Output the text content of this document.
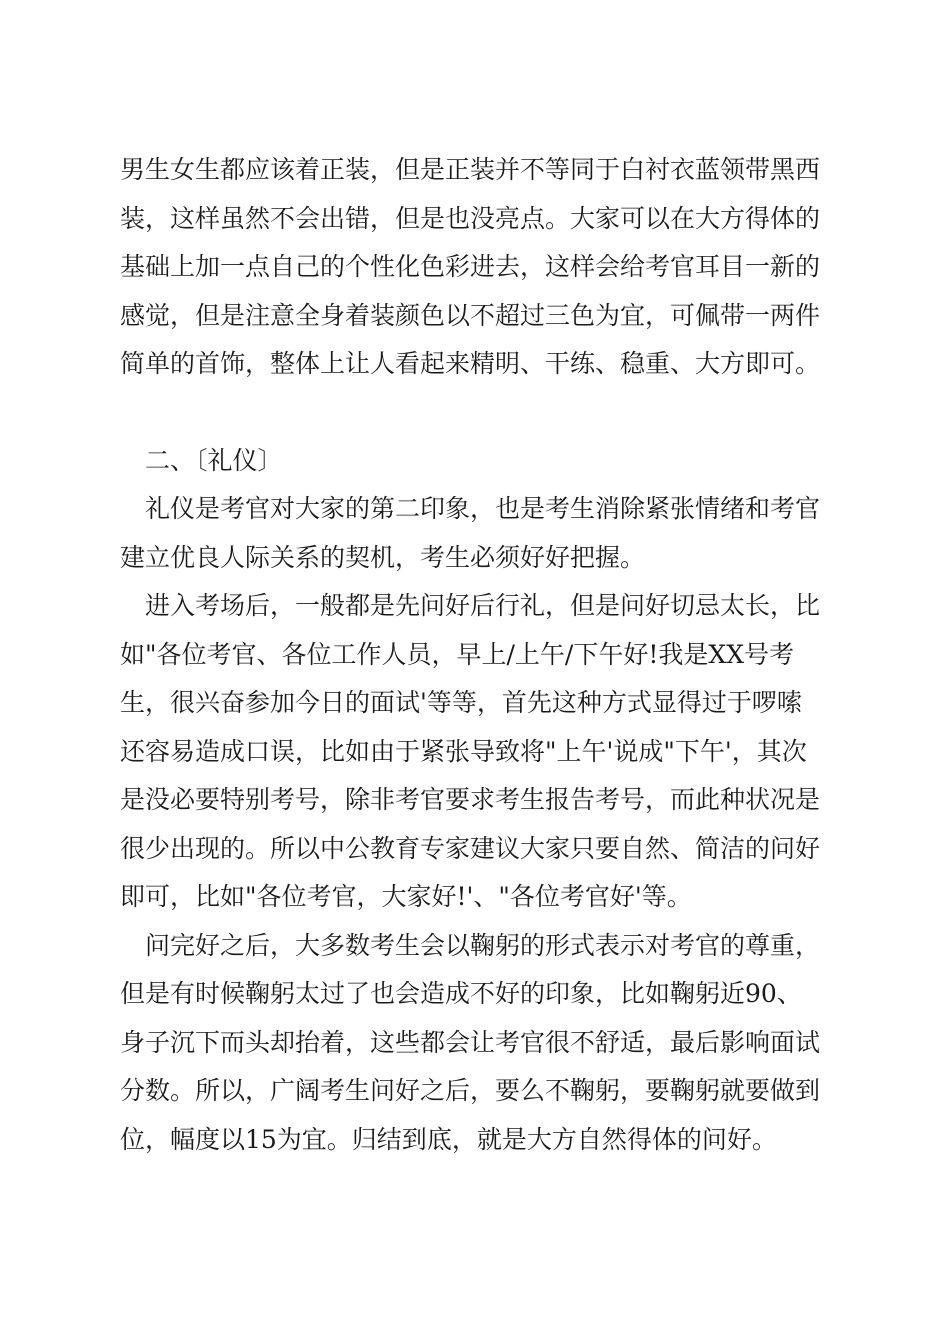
男生女生都应该着正装，但是正装并不等同于白衬衣蓝领带黑西
装，这样虽然不会出错，但是也没亮点。大家可以在大方得体的
基础上加一点自己的个性化色彩进去，这样会给考官耳目一新的
感觉，但是注意全身着装颜色以不超过三色为宜，可佩带一两件
简单的首饰，整体上让人看起来精明、干练、稳重、大方即可。
二、〔礼仪〕
礼仪是考官对大家的第二印象，也是考生消除紧张情绪和考官
建立优良人际关系的契机，考生必须好好把握。
进入考场后，一般都是先问好后行礼，但是问好切忌太长，比
如"各位考官、各位工作人员，早上/上午/下午好!我是XX号考
生，很兴奋参加今日的面试'等等，首先这种方式显得过于啰嗦
还容易造成口误，比如由于紧张导致将"上午'说成"下午'，其次
是没必要特别考号，除非考官要求考生报告考号，而此种状况是
很少出现的。所以中公教育专家建议大家只要自然、简洁的问好
即可，比如"各位考官，大家好!'、"各位考官好'等。
问完好之后，大多数考生会以鞠躬的形式表示对考官的尊重，
但是有时候鞠躬太过了也会造成不好的印象，比如鞠躬近90、
身子沉下而头却抬着，这些都会让考官很不舒适，最后影响面试
分数。所以，广阔考生问好之后，要么不鞠躬，要鞠躬就要做到
位，幅度以15为宜。归结到底，就是大方自然得体的问好。
